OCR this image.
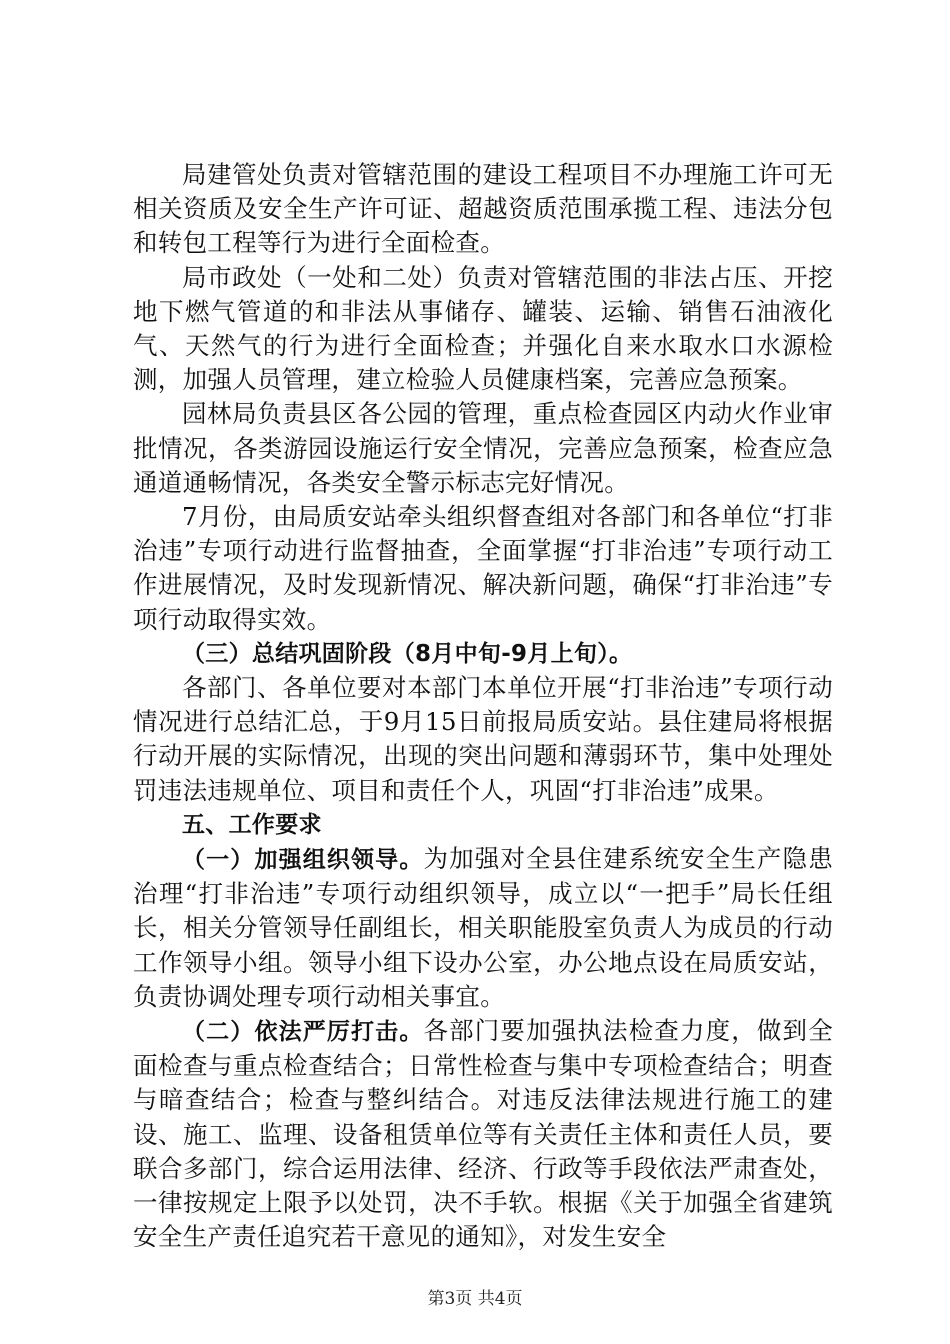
局建管处负责对管辖范围的建设工程项目不办理施工许可无相关资质及安全生产许可证、超越资质范围承揽工程、违法分包和转包工程等行为进行全面检查。

局市政处（一处和二处）负责对管辖范围的非法占压、开挖地下燃气管道的和非法从事储存、罐装、运输、销售石油液化气、天然气的行为进行全面检查；并强化自来水取水口水源检测，加强人员管理，建立检验人员健康档案，完善应急预案。

园林局负责县区各公园的管理，重点检查园区内动火作业审批情况，各类游园设施运行安全情况，完善应急预案，检查应急通道通畅情况，各类安全警示标志完好情况。

7月份，由局质安站牵头组织督查组对各部门和各单位“打非治违”专项行动进行监督抽查，全面掌握“打非治违”专项行动工作进展情况，及时发现新情况、解决新问题，确保“打非治违”专项行动取得实效。

（三）总结巩固阶段（8月中旬-9月上旬）。

各部门、各单位要对本部门本单位开展“打非治违”专项行动情况进行总结汇总，于9月15日前报局质安站。县住建局将根据行动开展的实际情况，出现的突出问题和薄弱环节，集中处理处罚违法违规单位、项目和责任个人，巩固“打非治违”成果。

五、工作要求

（一）加强组织领导。为加强对全县住建系统安全生产隐患治理“打非治违”专项行动组织领导，成立以“一把手”局长任组长，相关分管领导任副组长，相关职能股室负责人为成员的行动工作领导小组。领导小组下设办公室，办公地点设在局质安站，负责协调处理专项行动相关事宜。

（二）依法严厉打击。各部门要加强执法检查力度，做到全面检查与重点检查结合；日常性检查与集中专项检查结合；明查与暗查结合；检查与整纠结合。对违反法律法规进行施工的建设、施工、监理、设备租赁单位等有关责任主体和责任人员，要联合多部门，综合运用法律、经济、行政等手段依法严肃查处，一律按规定上限予以处罚，决不手软。根据《关于加强全省建筑安全生产责任追究若干意见的通知》，对发生安全

第3页 共4页
